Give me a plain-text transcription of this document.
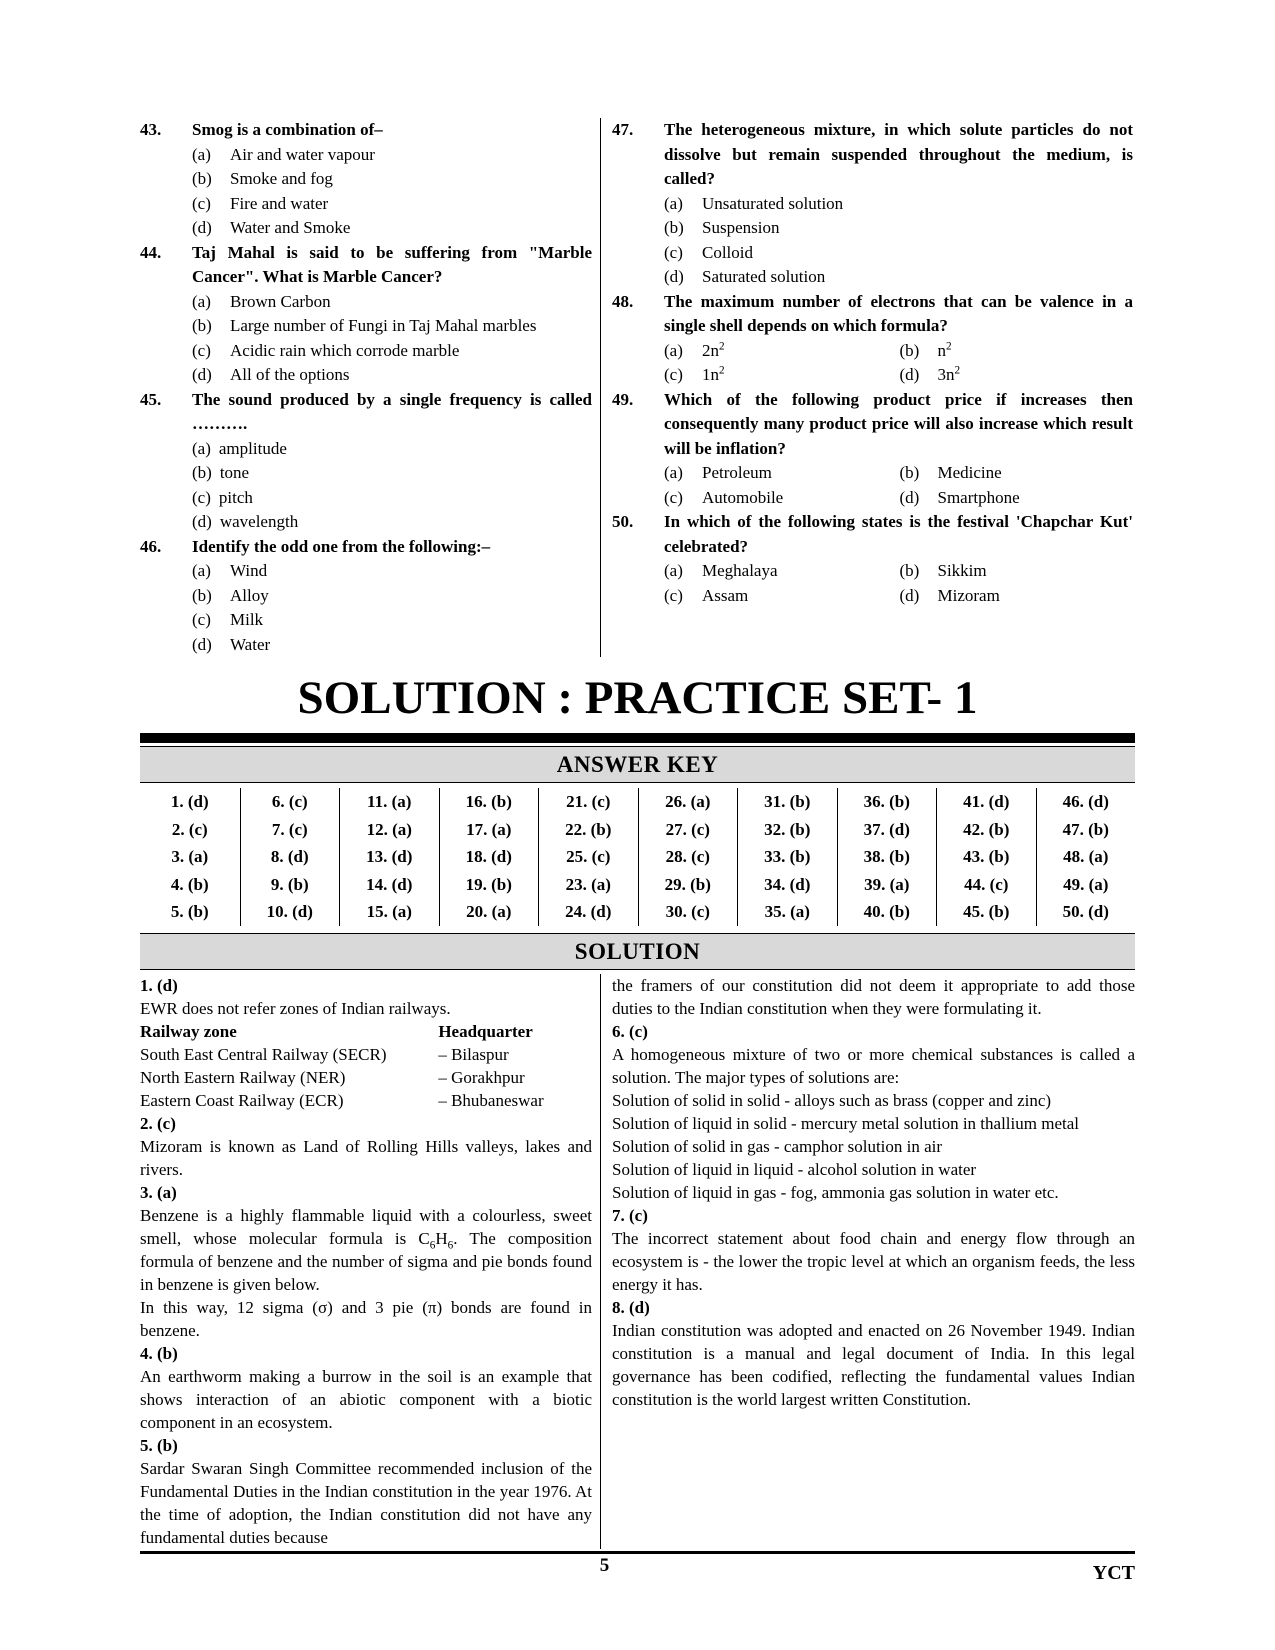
43.	Smog is a combination of–
(a)	Air and water vapour
(b)	Smoke and fog
(c)	Fire and water
(d)	Water and Smoke
44.	Taj Mahal is said to be suffering from "Marble Cancer". What is Marble Cancer?
(a)	Brown Carbon
(b)	Large number of Fungi in Taj Mahal marbles
(c)	Acidic rain which corrode marble
(d)	All of the options
45.	The sound produced by a single frequency is called ……….
(a) amplitude
(b) tone
(c) pitch
(d) wavelength
46.	Identify the odd one from the following:–
(a)	Wind
(b)	Alloy
(c)	Milk
(d)	Water
47.	The heterogeneous mixture, in which solute particles do not dissolve but remain suspended throughout the medium, is called?
(a)	Unsaturated solution
(b)	Suspension
(c)	Colloid
(d)	Saturated solution
48.	The maximum number of electrons that can be valence in a single shell depends on which formula?
(a)	$2n^2$	(b)	$n^2$
(c)	$1n^2$	(d)	$3n^2$
49.	Which of the following product price if increases then consequently many product price will also increase which result will be inflation?
(a)	Petroleum	(b)	Medicine
(c)	Automobile	(d)	Smartphone
50.	In which of the following states is the festival 'Chapchar Kut' celebrated?
(a)	Meghalaya	(b)	Sikkim
(c)	Assam	(d)	Mizoram
SOLUTION : PRACTICE SET- 1
ANSWER KEY
1. (d)	6. (c)	11. (a)	16. (b)	21. (c)	26. (a)	31. (b)	36. (b)	41. (d)	46. (d)
2. (c)	7. (c)	12. (a)	17. (a)	22. (b)	27. (c)	32. (b)	37. (d)	42. (b)	47. (b)
3. (a)	8. (d)	13. (d)	18. (d)	25. (c)	28. (c)	33. (b)	38. (b)	43. (b)	48. (a)
4. (b)	9. (b)	14. (d)	19. (b)	23. (a)	29. (b)	34. (d)	39. (a)	44. (c)	49. (a)
5. (b)	10. (d)	15. (a)	20. (a)	24. (d)	30. (c)	35. (a)	40. (b)	45. (b)	50. (d)
SOLUTION
1. (d)
EWR does not refer zones of Indian railways.
Railway zone	Headquarter
South East Central Railway (SECR)	– Bilaspur
North Eastern Railway (NER)	– Gorakhpur
Eastern Coast Railway (ECR)	– Bhubaneswar
2. (c)
Mizoram is known as Land of Rolling Hills valleys, lakes and rivers.
3. (a)
Benzene is a highly flammable liquid with a colourless, sweet smell, whose molecular formula is $C_6H_6$. The composition formula of benzene and the number of sigma and pie bonds found in benzene is given below.
In this way, 12 sigma (σ) and 3 pie (π) bonds are found in benzene.
4. (b)
An earthworm making a burrow in the soil is an example that shows interaction of an abiotic component with a biotic component in an ecosystem.
5. (b)
Sardar Swaran Singh Committee recommended inclusion of the Fundamental Duties in the Indian constitution in the year 1976. At the time of adoption, the Indian constitution did not have any fundamental duties because
the framers of our constitution did not deem it appropriate to add those duties to the Indian constitution when they were formulating it.
6. (c)
A homogeneous mixture of two or more chemical substances is called a solution. The major types of solutions are:
Solution of solid in solid - alloys such as brass (copper and zinc)
Solution of liquid in solid - mercury metal solution in thallium metal
Solution of solid in gas - camphor solution in air
Solution of liquid in liquid - alcohol solution in water
Solution of liquid in gas - fog, ammonia gas solution in water etc.
7. (c)
The incorrect statement about food chain and energy flow through an ecosystem is - the lower the tropic level at which an organism feeds, the less energy it has.
8. (d)
Indian constitution was adopted and enacted on 26 November 1949. Indian constitution is a manual and legal document of India. In this legal governance has been codified, reflecting the fundamental values Indian constitution is the world largest written Constitution.
5	YCT
